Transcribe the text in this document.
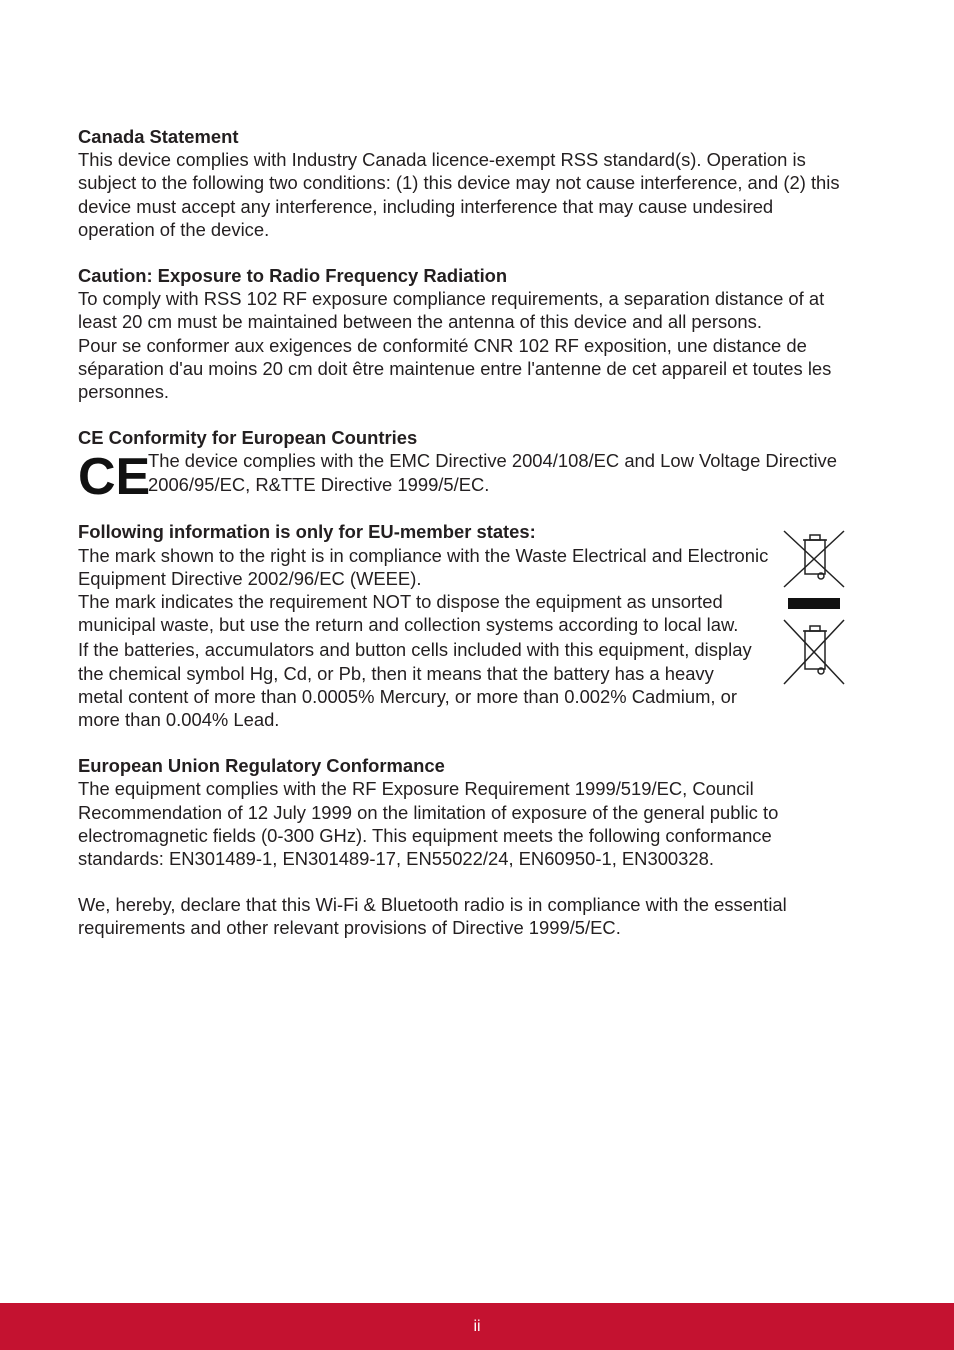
Canada Statement

This device complies with Industry Canada licence-exempt RSS standard(s). Operation is subject to the following two conditions: (1) this device may not cause interference, and (2) this device must accept any interference, including interference that may cause undesired operation of the device.

Caution: Exposure to Radio Frequency Radiation

To comply with RSS 102 RF exposure compliance requirements, a separation distance of at least 20 cm must be maintained between the antenna of this device and all persons.

Pour se conformer aux exigences de conformité CNR 102 RF exposition, une distance de séparation d'au moins 20 cm doit être maintenue entre l'antenne de cet appareil et toutes les personnes.

CE Conformity for European Countries

CE

The device complies with the EMC Directive 2004/108/EC and Low Voltage Directive 2006/95/EC, R&TTE Directive 1999/5/EC.

Following information is only for EU-member states:

The mark shown to the right is in compliance with the Waste Electrical and Electronic Equipment Directive 2002/96/EC (WEEE).

The mark indicates the requirement NOT to dispose the equipment as unsorted municipal waste, but use the return and collection systems according to local law.

If the batteries, accumulators and button cells included with this equipment, display the chemical symbol Hg, Cd, or Pb, then it means that the battery has a heavy metal content of more than 0.0005% Mercury, or more than 0.002% Cadmium, or more than 0.004% Lead.

European Union Regulatory Conformance

The equipment complies with the RF Exposure Requirement 1999/519/EC, Council Recommendation of 12 July 1999 on the limitation of exposure of the general public to electromagnetic fields (0-300 GHz). This equipment meets the following conformance standards: EN301489-1, EN301489-17, EN55022/24, EN60950-1, EN300328.

We, hereby, declare that this Wi-Fi & Bluetooth radio is in compliance with the essential requirements and other relevant provisions of Directive 1999/5/EC.

ii
